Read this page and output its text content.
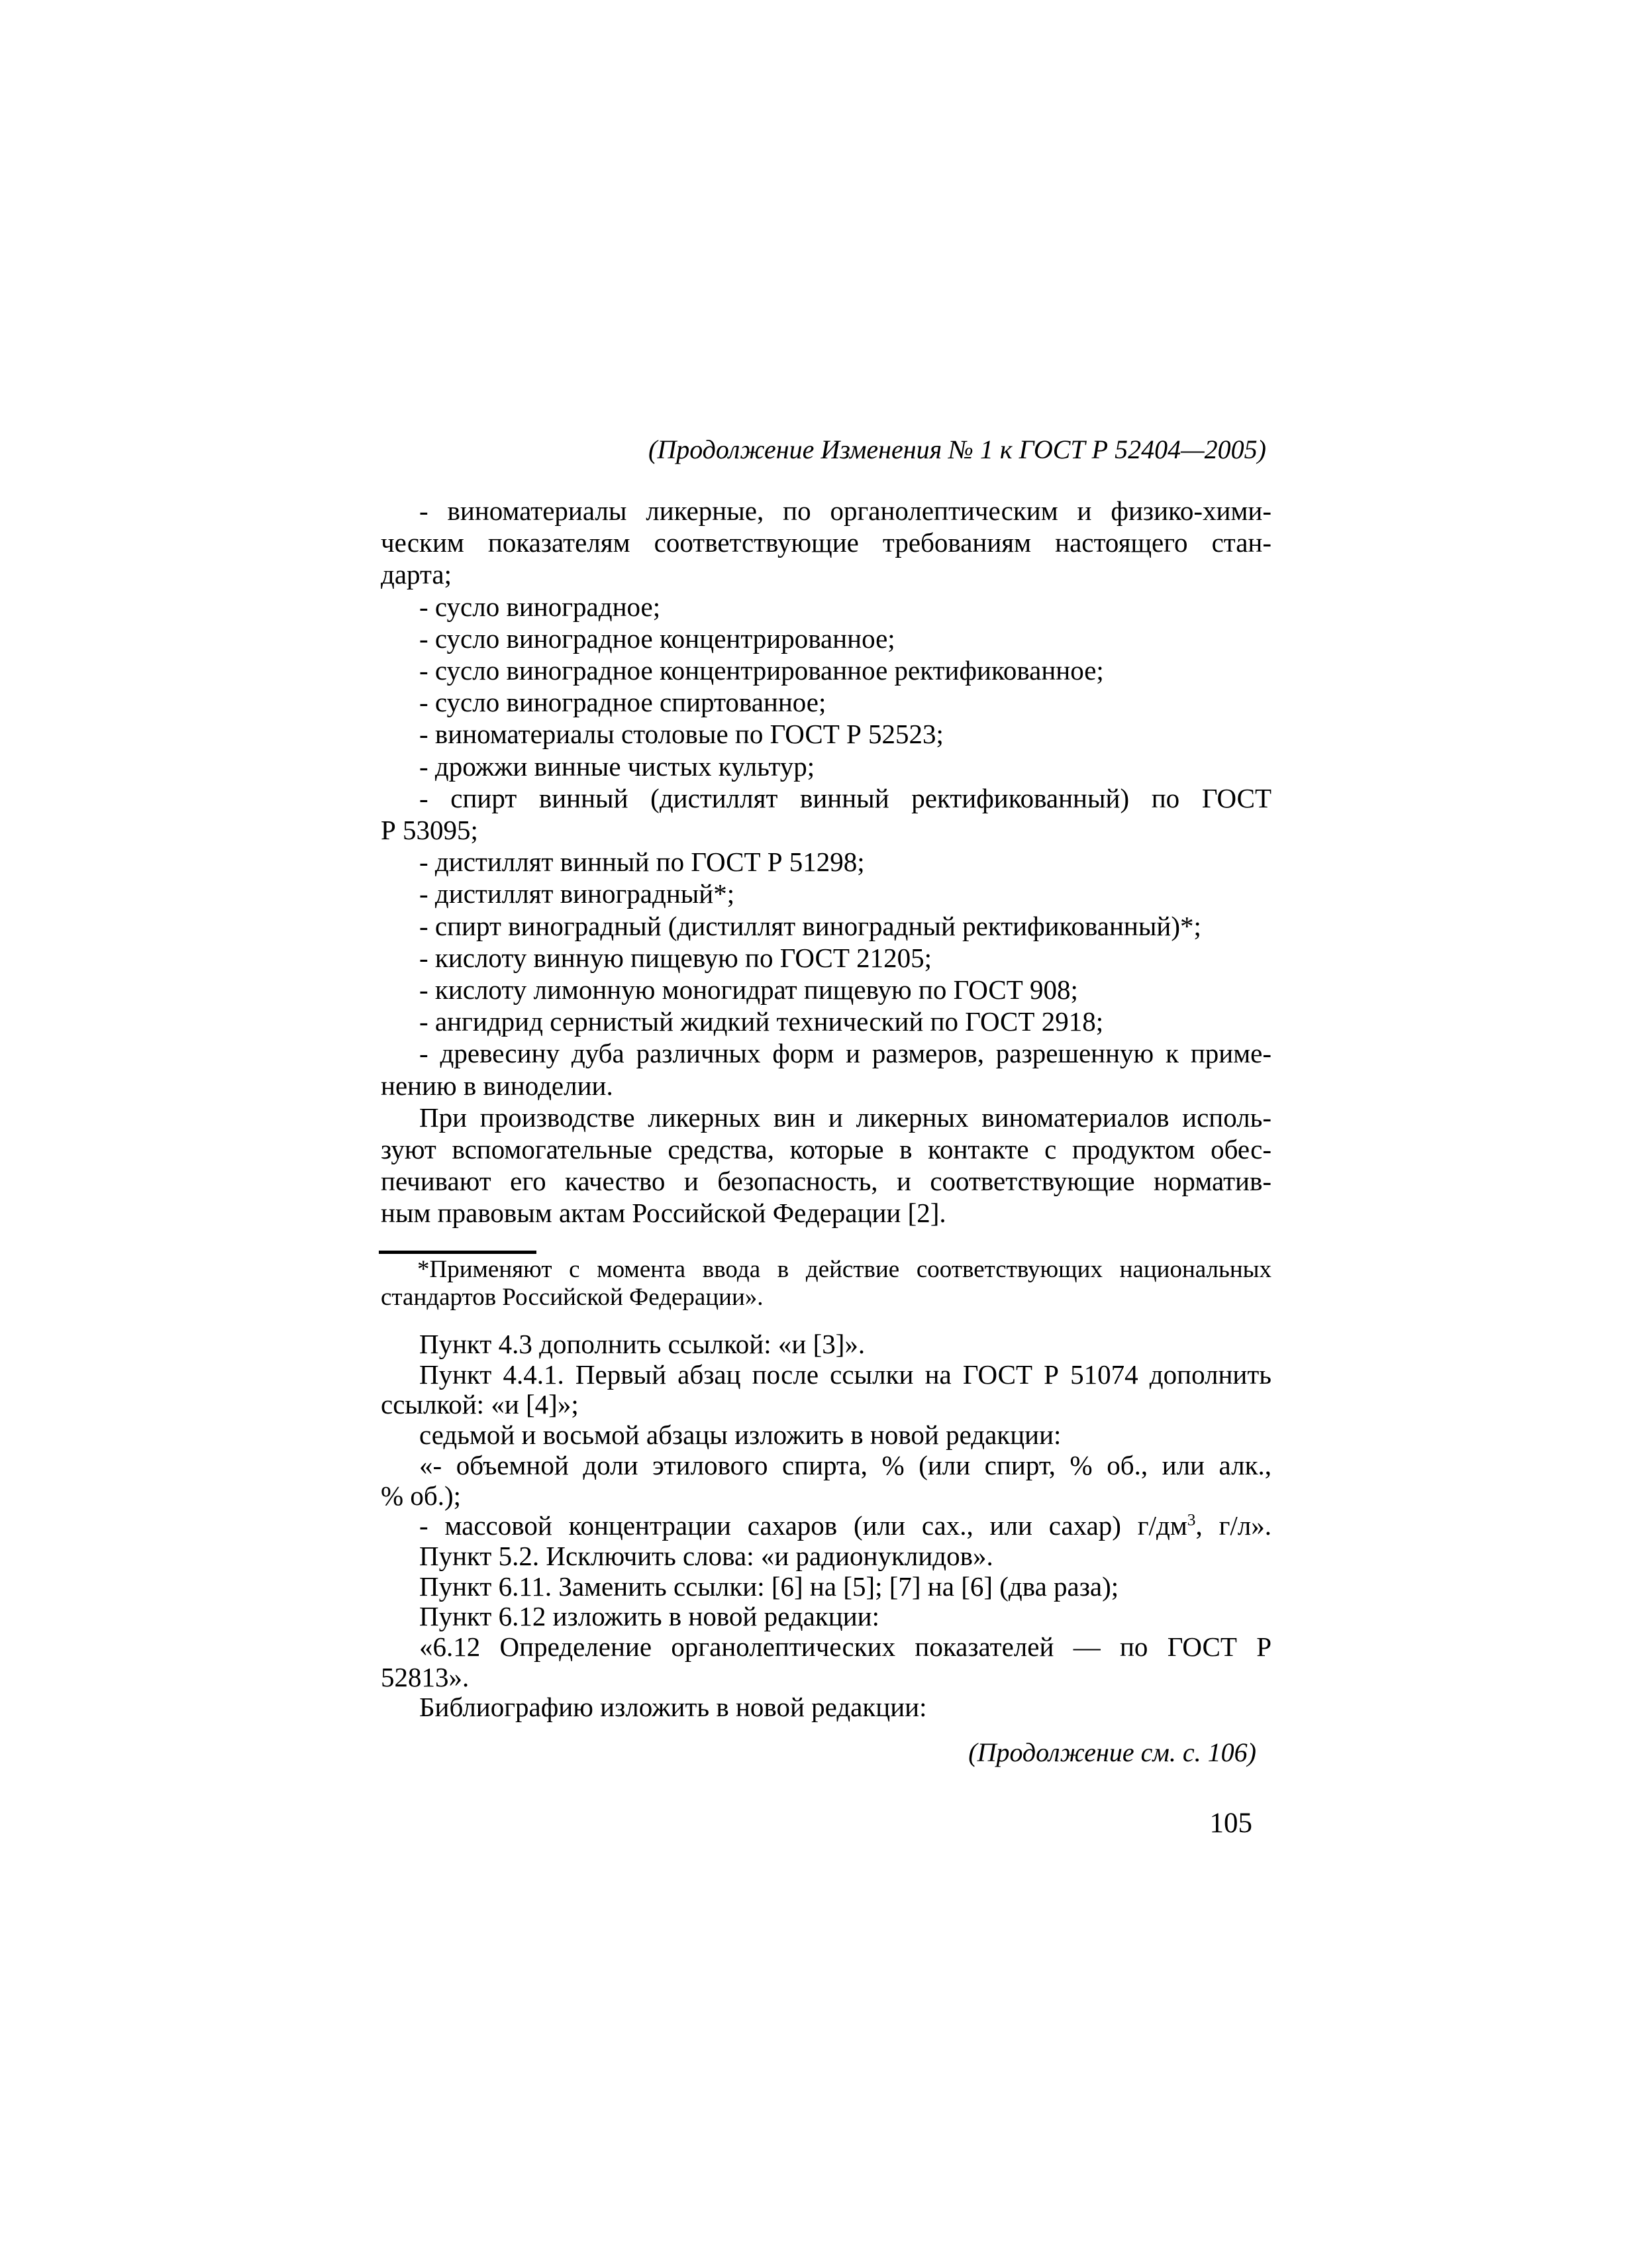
(Продолжение Изменения № 1 к ГОСТ Р 52404—2005)
- виноматериалы ликерные, по органолептическим и физико-хими-
ческим показателям соответствующие требованиям настоящего стан-
дарта;
- сусло виноградное;
- сусло виноградное концентрированное;
- сусло виноградное концентрированное ректификованное;
- сусло виноградное спиртованное;
- виноматериалы столовые по ГОСТ Р 52523;
- дрожжи винные чистых культур;
- спирт винный (дистиллят винный ректификованный) по ГОСТ
Р 53095;
- дистиллят винный по ГОСТ Р 51298;
- дистиллят виноградный*;
- спирт виноградный (дистиллят виноградный ректификованный)*;
- кислоту винную пищевую по ГОСТ 21205;
- кислоту лимонную моногидрат пищевую по ГОСТ 908;
- ангидрид сернистый жидкий технический по ГОСТ 2918;
- древесину дуба различных форм и размеров, разрешенную к приме-
нению в виноделии.
При производстве ликерных вин и ликерных виноматериалов исполь-
зуют вспомогательные средства, которые в контакте с продуктом обес-
печивают его качество и безопасность, и соответствующие норматив-
ным правовым актам Российской Федерации [2].
*Применяют с момента ввода в действие соответствующих национальных
стандартов Российской Федерации».
Пункт 4.3 дополнить ссылкой: «и [3]».
Пункт 4.4.1. Первый абзац после ссылки на ГОСТ Р 51074 дополнить
ссылкой: «и [4]»;
седьмой и восьмой абзацы изложить в новой редакции:
«- объемной доли этилового спирта, % (или спирт, % об., или алк.,
% об.);
- массовой концентрации сахаров (или сах., или сахар) $г/дм^3$, г/л».
Пункт 5.2. Исключить слова: «и радионуклидов».
Пункт 6.11. Заменить ссылки: [6] на [5]; [7] на [6] (два раза);
Пункт 6.12 изложить в новой редакции:
«6.12 Определение органолептических показателей — по ГОСТ Р
52813».
Библиографию изложить в новой редакции:
(Продолжение см. с. 106)
105
